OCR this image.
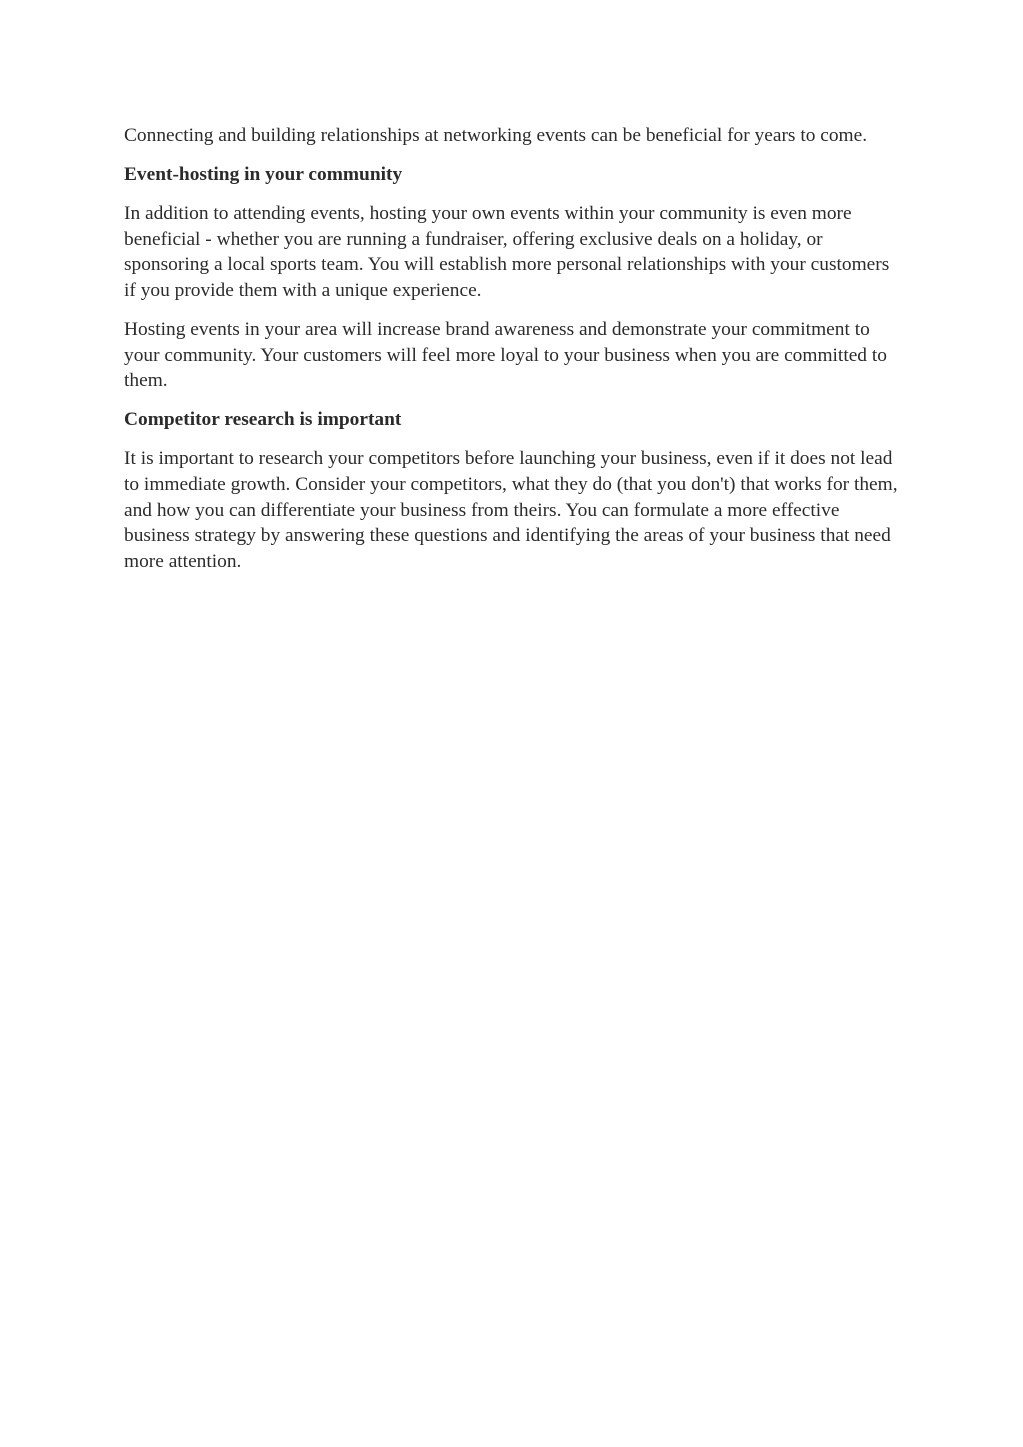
Connecting and building relationships at networking events can be beneficial for years to come.

Event-hosting in your community

In addition to attending events, hosting your own events within your community is even more beneficial - whether you are running a fundraiser, offering exclusive deals on a holiday, or sponsoring a local sports team. You will establish more personal relationships with your customers if you provide them with a unique experience.

Hosting events in your area will increase brand awareness and demonstrate your commitment to your community. Your customers will feel more loyal to your business when you are committed to them.

Competitor research is important

It is important to research your competitors before launching your business, even if it does not lead to immediate growth. Consider your competitors, what they do (that you don't) that works for them, and how you can differentiate your business from theirs. You can formulate a more effective business strategy by answering these questions and identifying the areas of your business that need more attention.
